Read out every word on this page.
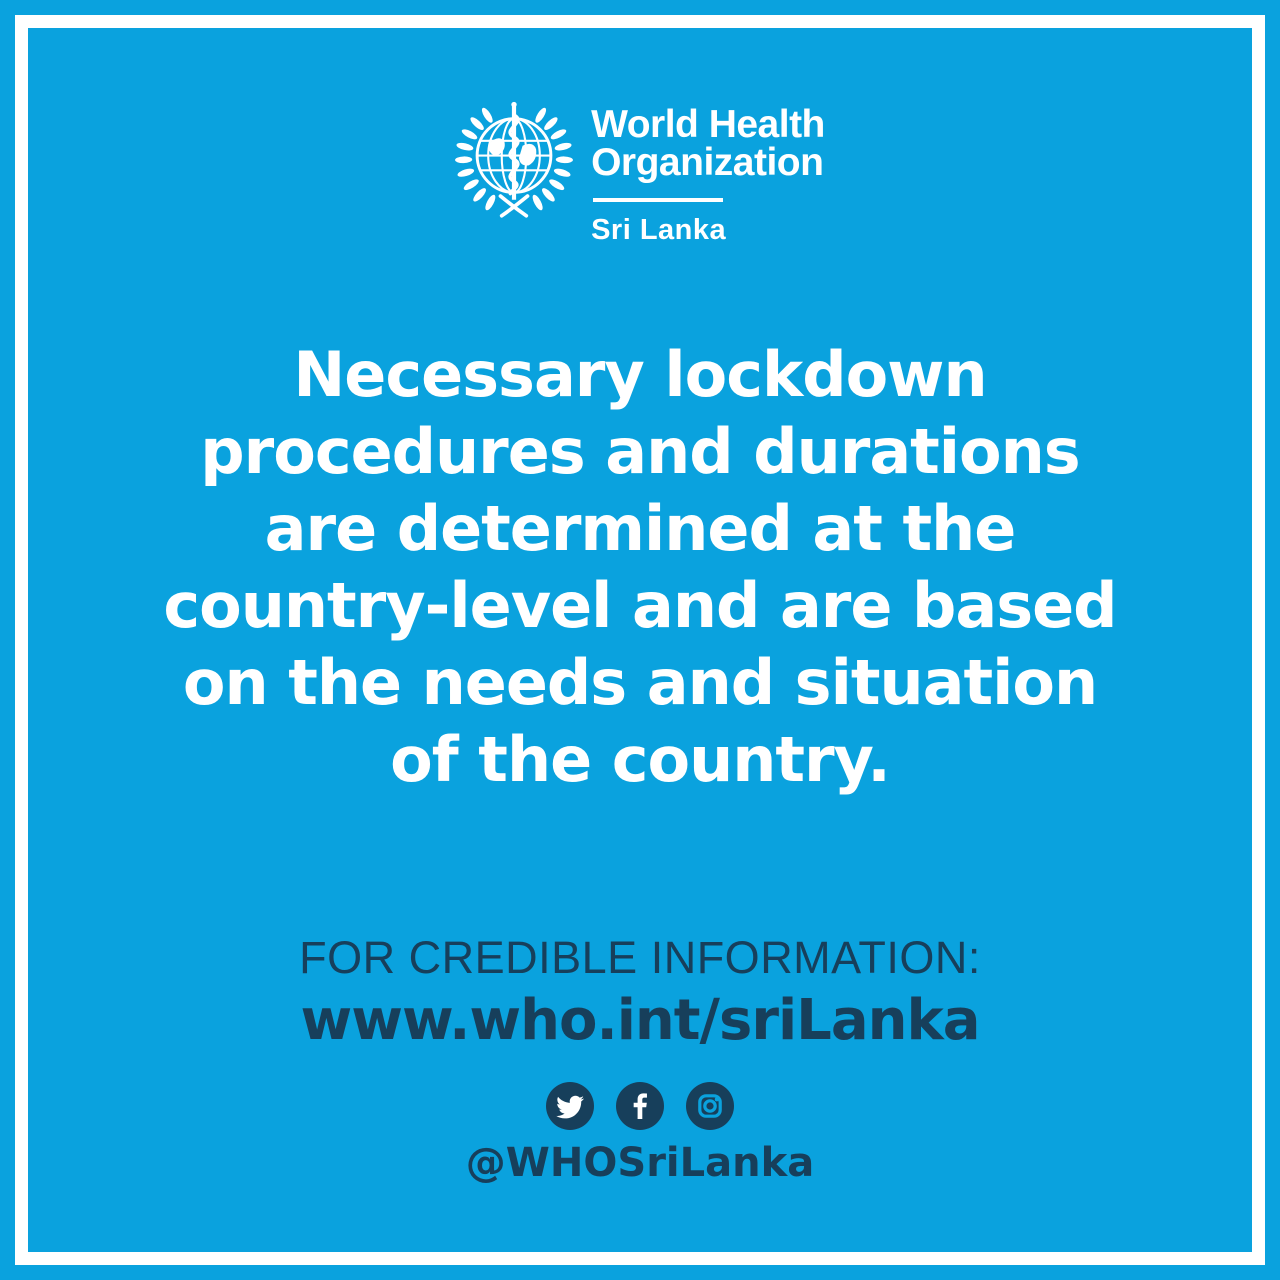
World Health
Organization
Sri Lanka
Necessary lockdown
procedures and durations
are determined at the
country-level and are based
on the needs and situation
of the country.
FOR CREDIBLE INFORMATION:
www.who.int/sriLanka
@WHOSriLanka
